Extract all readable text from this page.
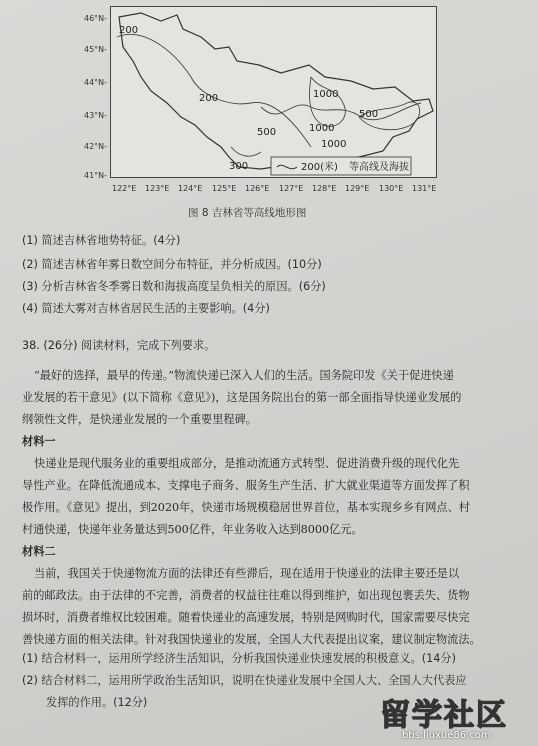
200
200
500
1000
1000
500
1000
300	200(米) 等高线及海拔
46°N-
45°N-
44°N-
43°N-
42°N-
41°N-
122°E 123°E 124°E 125°E 126°E 127°E 128°E 129°E 130°E 131°E
图 8 吉林省等高线地形图
(1) 简述吉林省地势特征。(4分)
(2) 简述吉林省年雾日数空间分布特征，并分析成因。(10分)
(3) 分析吉林省冬季雾日数和海拔高度呈负相关的原因。(6分)
(4) 简述大雾对吉林省居民生活的主要影响。(4分)
38. (26分) 阅读材料，完成下列要求。
“最好的选择，最早的传递。”物流快递已深入人们的生活。国务院印发《关于促进快递
业发展的若干意见》(以下简称《意见》)，这是国务院出台的第一部全面指导快递业发展的
纲领性文件，是快递业发展的一个重要里程碑。
材料一
快递业是现代服务业的重要组成部分，是推动流通方式转型、促进消费升级的现代化先
导性产业。在降低流通成本、支撑电子商务、服务生产生活、扩大就业渠道等方面发挥了积
极作用。《意见》提出，到2020年，快递市场规模稳居世界首位，基本实现乡乡有网点、村
村通快递，快递年业务量达到500亿件，年业务收入达到8000亿元。
材料二
当前，我国关于快递物流方面的法律还有些滞后，现在适用于快递业的法律主要还是以
前的邮政法。由于法律的不完善，消费者的权益往往难以得到维护，如出现包裹丢失、货物
损坏时，消费者维权比较困难。随着快递业的高速发展，特别是网购时代，国家需要尽快完
善快递方面的相关法律。针对我国快递业的发展，全国人大代表提出议案，建议制定物流法。
(1) 结合材料一，运用所学经济生活知识，分析我国快递业快速发展的积极意义。(14分)
(2) 结合材料二，运用所学政治生活知识，说明在快递业发展中全国人大、全国人大代表应
发挥的作用。(12分)	留学社区
bbs.liuxue86.com
